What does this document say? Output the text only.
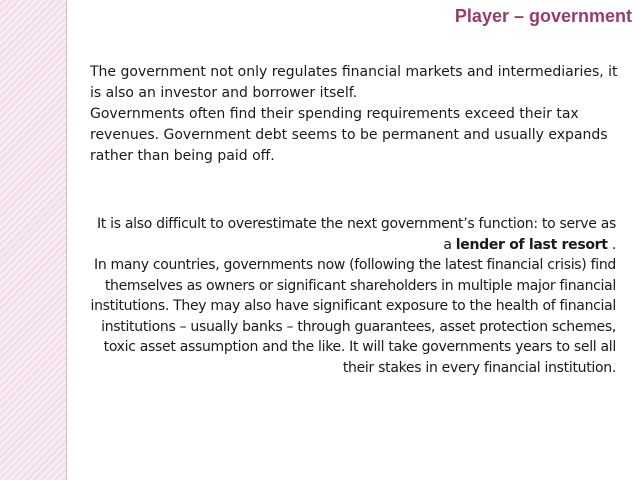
Player – government

The government not only regulates financial markets and intermediaries, it is also an investor and borrower itself.

Governments often find their spending requirements exceed their tax revenues. Government debt seems to be permanent and usually expands rather than being paid off.

It is also difficult to overestimate the next government’s function: to serve as a lender of last resort .

In many countries, governments now (following the latest financial crisis) find themselves as owners or significant shareholders in multiple major financial institutions. They may also have significant exposure to the health of financial institutions – usually banks – through guarantees, asset protection schemes, toxic asset assumption and the like. It will take governments years to sell all their stakes in every financial institution.
